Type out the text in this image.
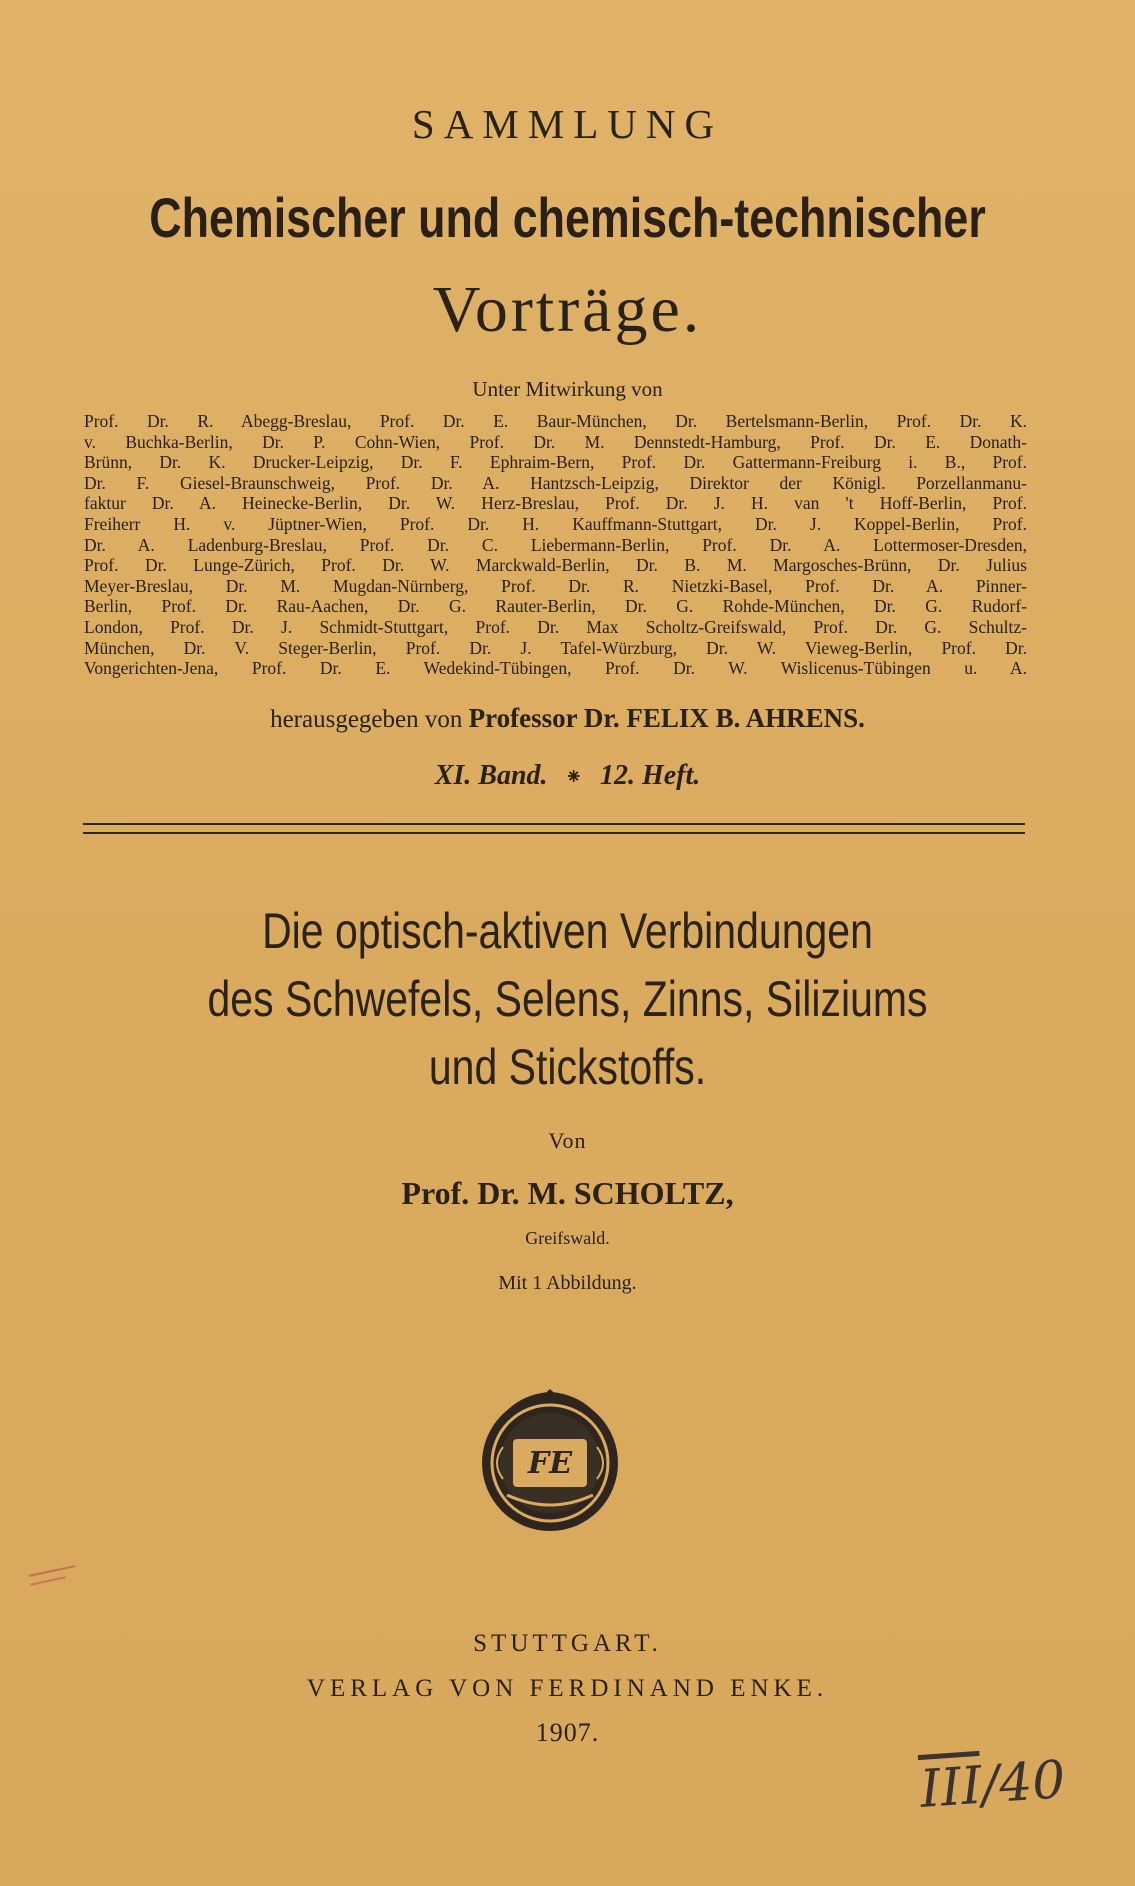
SAMMLUNG
Chemischer und chemisch-technischer
Vorträge.
Unter Mitwirkung von
Prof. Dr. R. Abegg-Breslau, Prof. Dr. E. Baur-München, Dr. Bertelsmann-Berlin, Prof. Dr. K.
v. Buchka-Berlin, Dr. P. Cohn-Wien, Prof. Dr. M. Dennstedt-Hamburg, Prof. Dr. E. Donath-
Brünn, Dr. K. Drucker-Leipzig, Dr. F. Ephraim-Bern, Prof. Dr. Gattermann-Freiburg i. B., Prof.
Dr. F. Giesel-Braunschweig, Prof. Dr. A. Hantzsch-Leipzig, Direktor der Königl. Porzellanmanu-
faktur Dr. A. Heinecke-Berlin, Dr. W. Herz-Breslau, Prof. Dr. J. H. van 't Hoff-Berlin, Prof.
Freiherr H. v. Jüptner-Wien, Prof. Dr. H. Kauffmann-Stuttgart, Dr. J. Koppel-Berlin, Prof.
Dr. A. Ladenburg-Breslau, Prof. Dr. C. Liebermann-Berlin, Prof. Dr. A. Lottermoser-Dresden,
Prof. Dr. Lunge-Zürich, Prof. Dr. W. Marckwald-Berlin, Dr. B. M. Margosches-Brünn, Dr. Julius
Meyer-Breslau, Dr. M. Mugdan-Nürnberg, Prof. Dr. R. Nietzki-Basel, Prof. Dr. A. Pinner-
Berlin, Prof. Dr. Rau-Aachen, Dr. G. Rauter-Berlin, Dr. G. Rohde-München, Dr. G. Rudorf-
London, Prof. Dr. J. Schmidt-Stuttgart, Prof. Dr. Max Scholtz-Greifswald, Prof. Dr. G. Schultz-
München, Dr. V. Steger-Berlin, Prof. Dr. J. Tafel-Würzburg, Dr. W. Vieweg-Berlin, Prof. Dr.
Vongerichten-Jena, Prof. Dr. E. Wedekind-Tübingen, Prof. Dr. W. Wislicenus-Tübingen u. A.
herausgegeben von Professor Dr. FELIX B. AHRENS.
XI. Band. ⁕ 12. Heft.
Die optisch-aktiven Verbindungen
des Schwefels, Selens, Zinns, Siliziums
und Stickstoffs.
Von
Prof. Dr. M. SCHOLTZ,
Greifswald.
Mit 1 Abbildung.
FE
STUTTGART.
VERLAG VON FERDINAND ENKE.
1907.
$\overline{III}/40$
